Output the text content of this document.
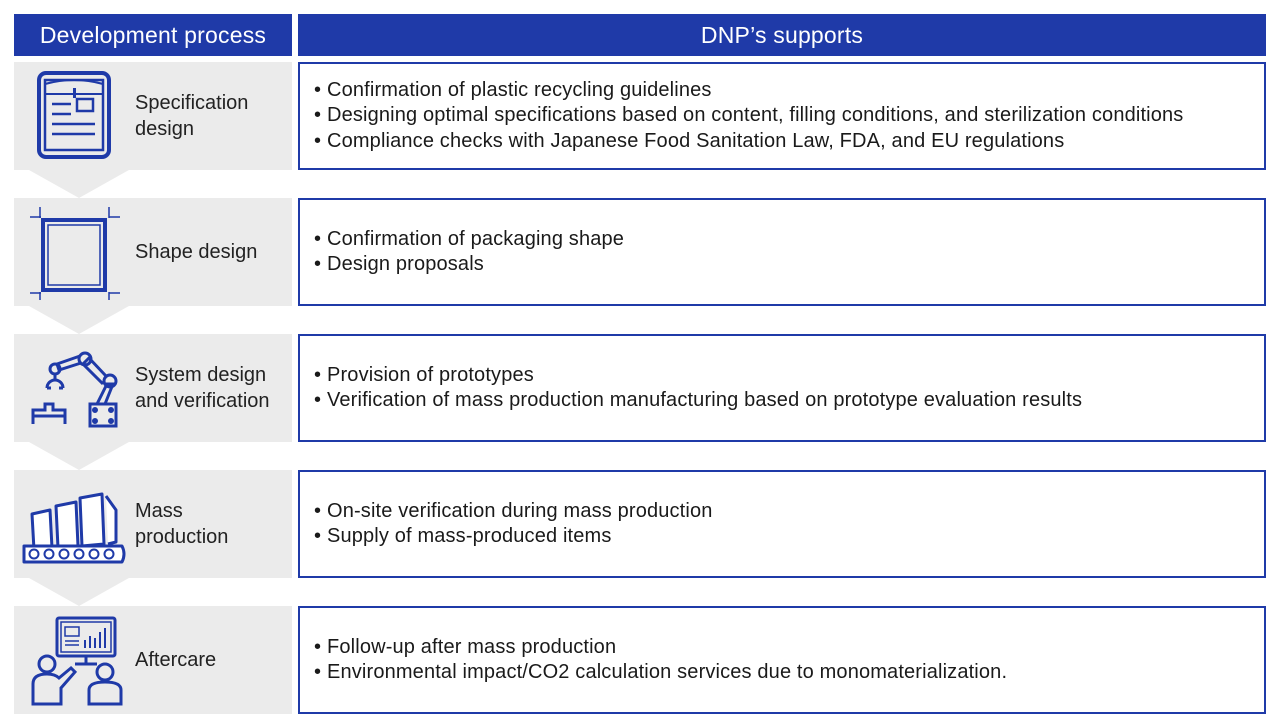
Development process	DNP’s supports
Specification
design
• Confirmation of plastic recycling guidelines
• Designing optimal specifications based on content, filling conditions, and sterilization conditions
• Compliance checks with Japanese Food Sanitation Law, FDA, and EU regulations
Shape design
• Confirmation of packaging shape
• Design proposals
System design
and verification
• Provision of prototypes
• Verification of mass production manufacturing based on prototype evaluation results
Mass
production
• On-site verification during mass production
• Supply of mass-produced items
Aftercare
• Follow-up after mass production
• Environmental impact/CO2 calculation services due to monomaterialization.
